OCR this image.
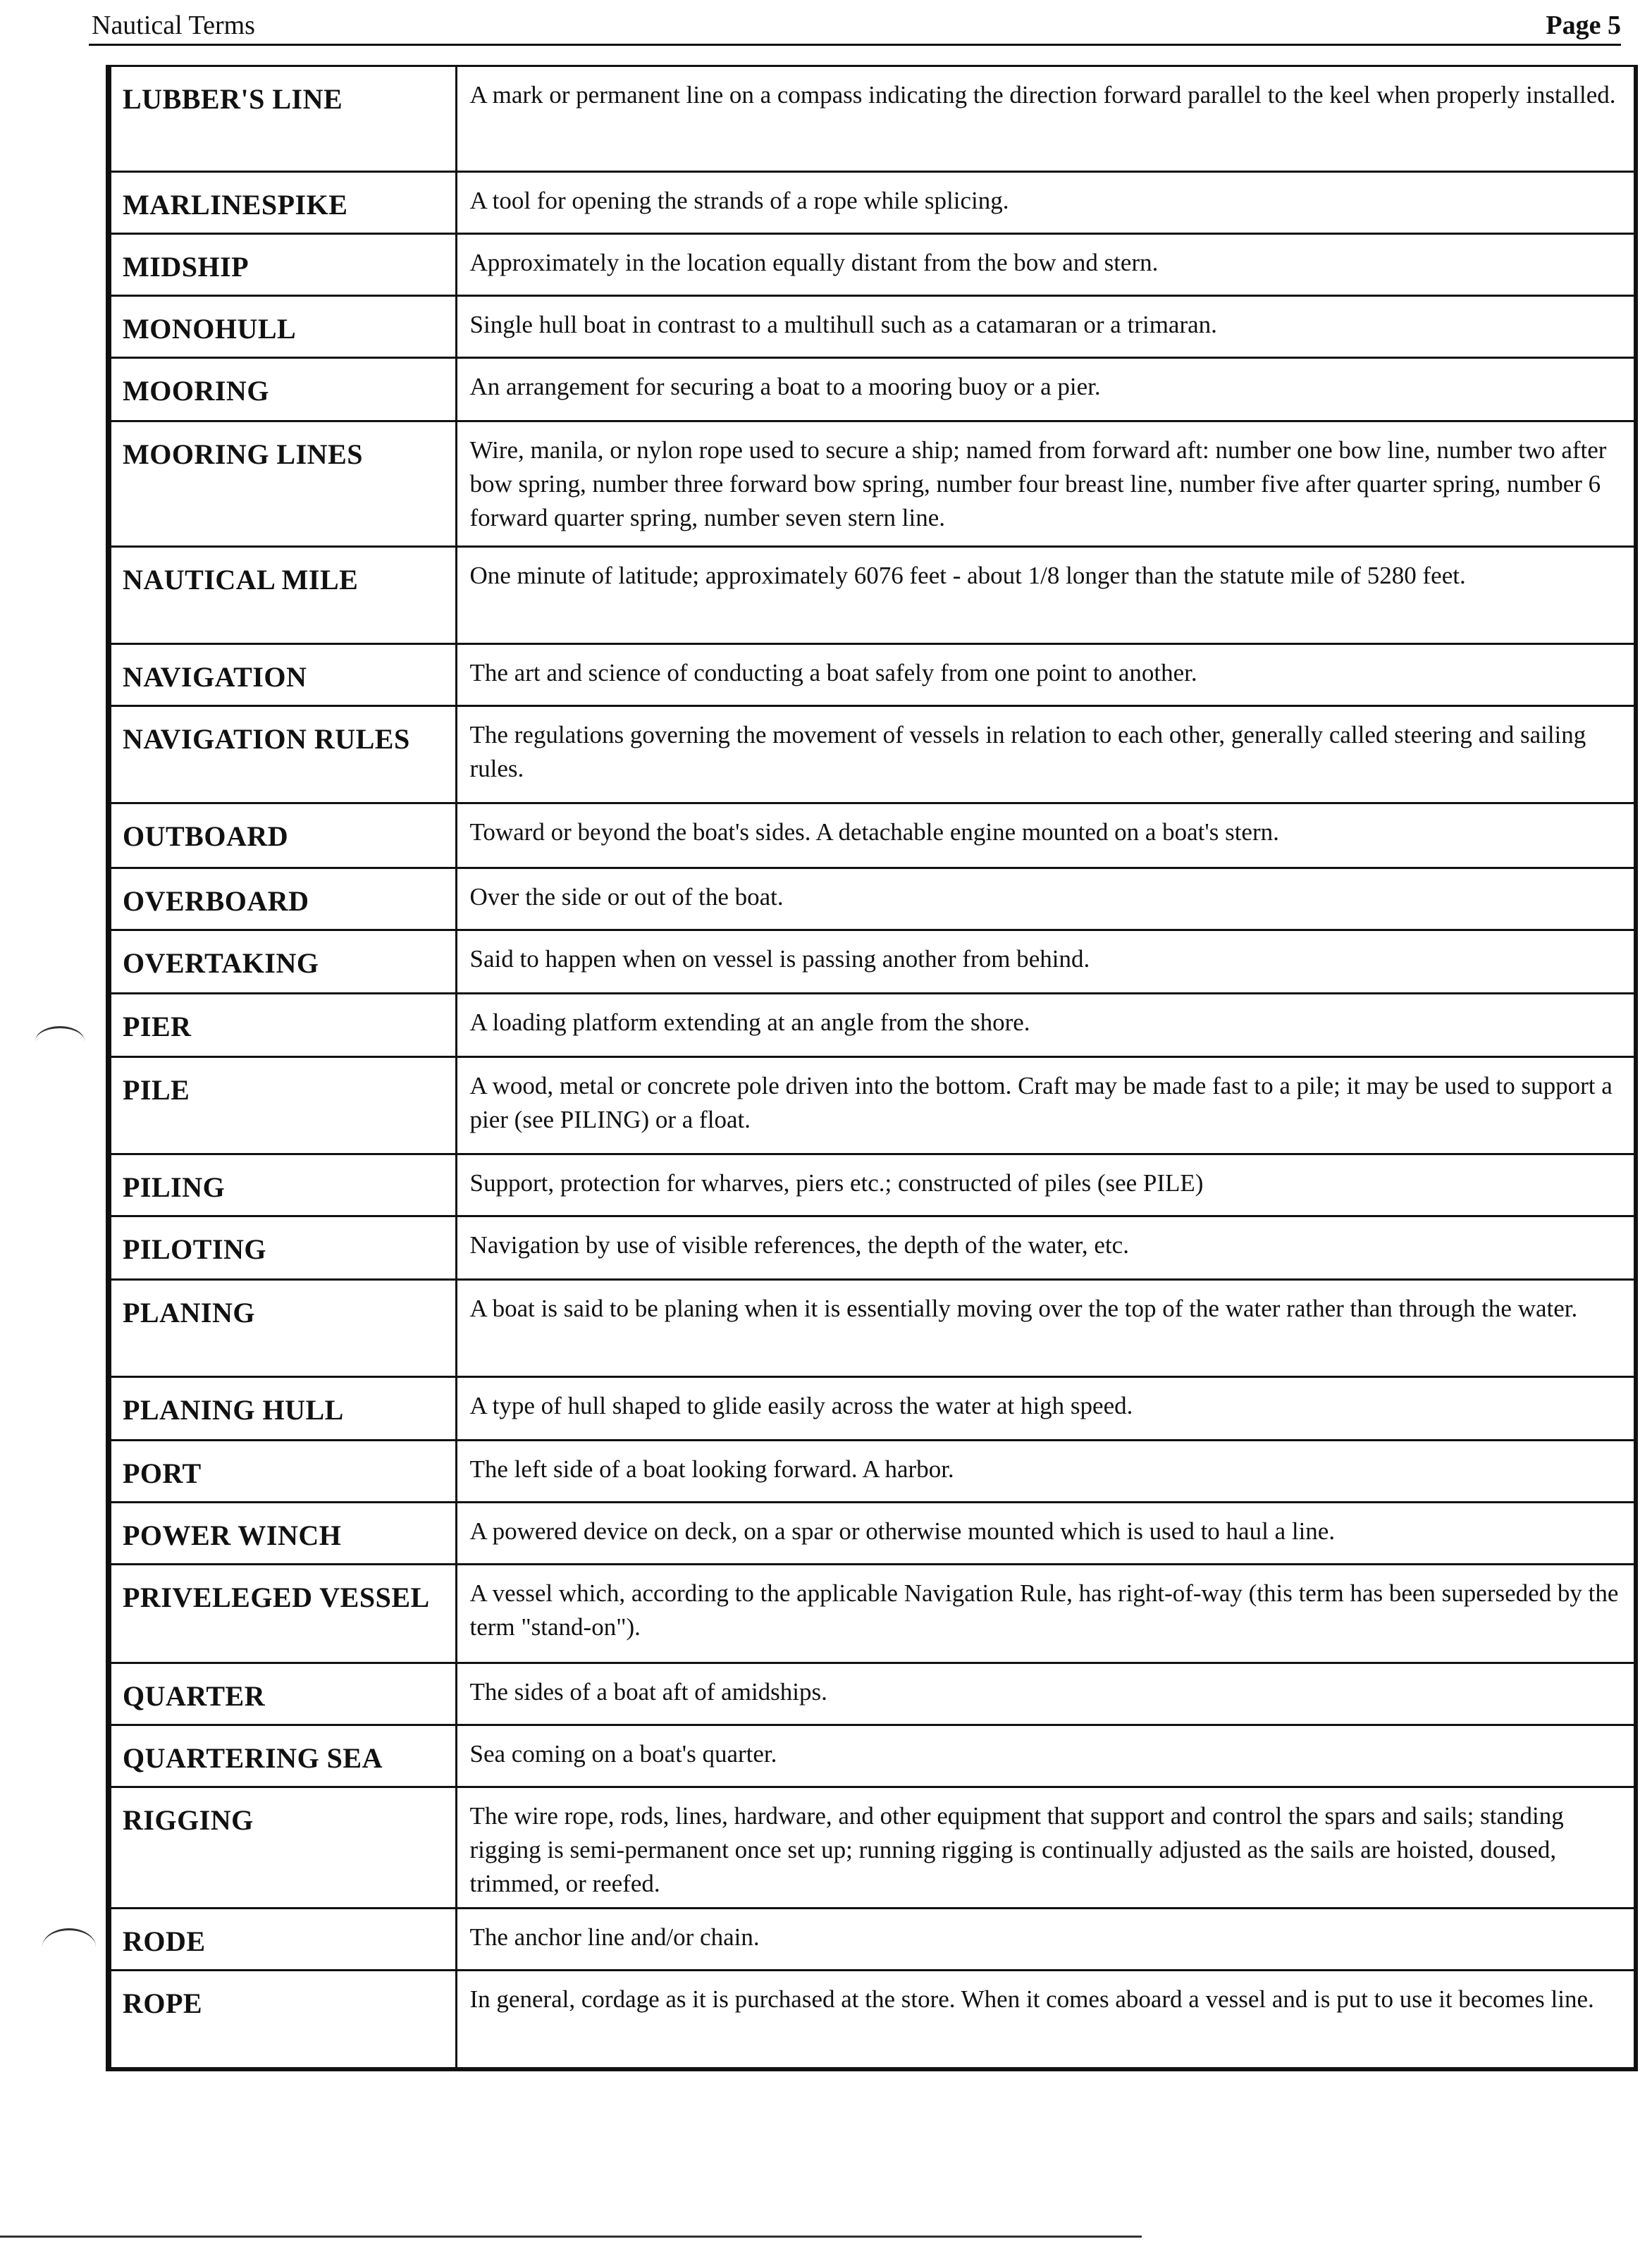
Nautical Terms	Page 5
LUBBER'S LINE	A mark or permanent line on a compass indicating the direction forward parallel to the keel when properly installed.
MARLINESPIKE	A tool for opening the strands of a rope while splicing.
MIDSHIP	Approximately in the location equally distant from the bow and stern.
MONOHULL	Single hull boat in contrast to a multihull such as a catamaran or a trimaran.
MOORING	An arrangement for securing a boat to a mooring buoy or a pier.
MOORING LINES	Wire, manila, or nylon rope used to secure a ship; named from forward aft: number one bow line, number two after bow spring, number three forward bow spring, number four breast line, number five after quarter spring, number 6 forward quarter spring, number seven stern line.
NAUTICAL MILE	One minute of latitude; approximately 6076 feet - about 1/8 longer than the statute mile of 5280 feet.
NAVIGATION	The art and science of conducting a boat safely from one point to another.
NAVIGATION RULES	The regulations governing the movement of vessels in relation to each other, generally called steering and sailing rules.
OUTBOARD	Toward or beyond the boat's sides. A detachable engine mounted on a boat's stern.
OVERBOARD	Over the side or out of the boat.
OVERTAKING	Said to happen when on vessel is passing another from behind.
PIER	A loading platform extending at an angle from the shore.
PILE	A wood, metal or concrete pole driven into the bottom. Craft may be made fast to a pile; it may be used to support a pier (see PILING) or a float.
PILING	Support, protection for wharves, piers etc.; constructed of piles (see PILE)
PILOTING	Navigation by use of visible references, the depth of the water, etc.
PLANING	A boat is said to be planing when it is essentially moving over the top of the water rather than through the water.
PLANING HULL	A type of hull shaped to glide easily across the water at high speed.
PORT	The left side of a boat looking forward. A harbor.
POWER WINCH	A powered device on deck, on a spar or otherwise mounted which is used to haul a line.
PRIVELEGED VESSEL	A vessel which, according to the applicable Navigation Rule, has right-of-way (this term has been superseded by the term "stand-on").
QUARTER	The sides of a boat aft of amidships.
QUARTERING SEA	Sea coming on a boat's quarter.
RIGGING	The wire rope, rods, lines, hardware, and other equipment that support and control the spars and sails; standing rigging is semi-permanent once set up; running rigging is continually adjusted as the sails are hoisted, doused, trimmed, or reefed.
RODE	The anchor line and/or chain.
ROPE	In general, cordage as it is purchased at the store. When it comes aboard a vessel and is put to use it becomes line.
